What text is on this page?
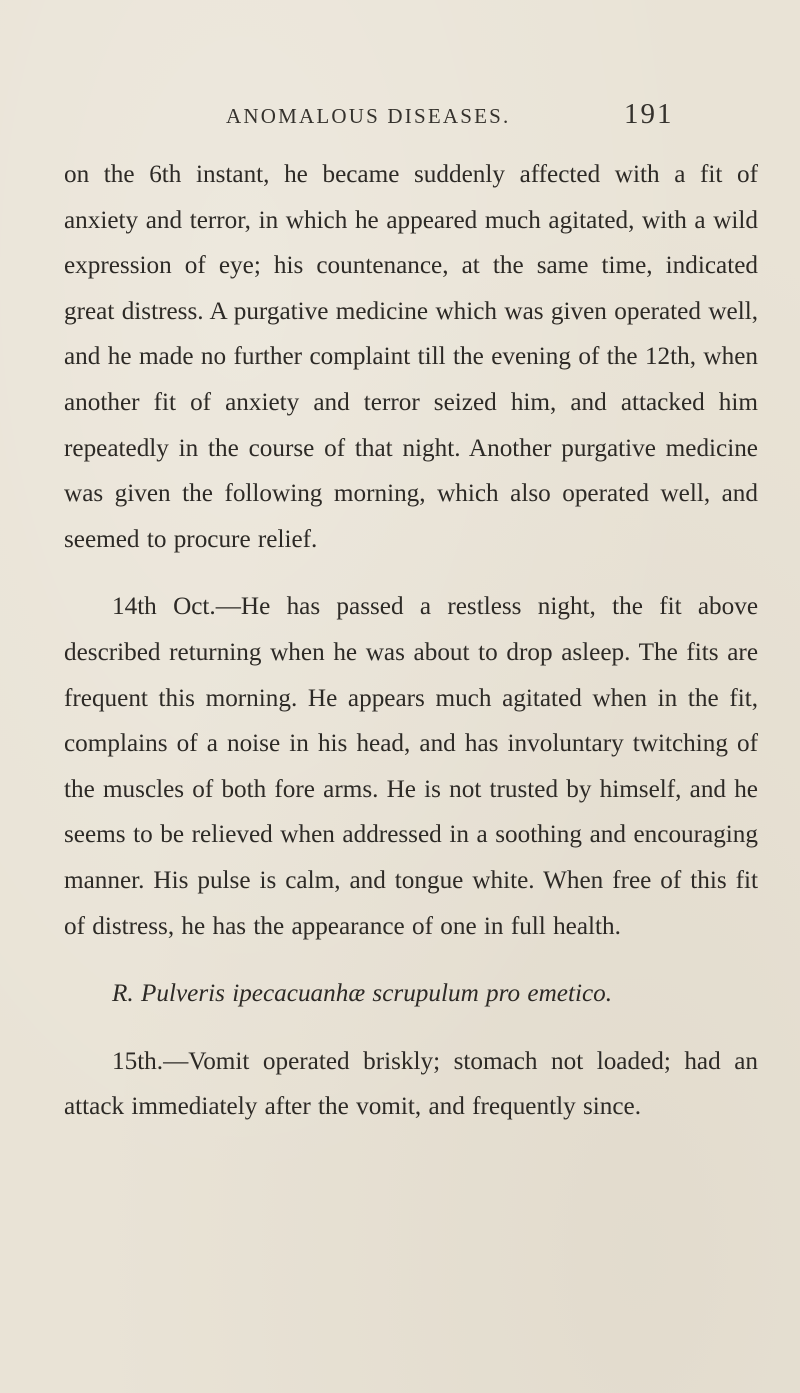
ANOMALOUS DISEASES.	191

on the 6th instant, he became suddenly affected with a fit of anxiety and terror, in which he appeared much agitated, with a wild expression of eye; his countenance, at the same time, indicated great distress. A purgative medicine which was given operated well, and he made no further complaint till the evening of the 12th, when another fit of anxiety and terror seized him, and attacked him repeatedly in the course of that night. Another purgative medicine was given the following morning, which also operated well, and seemed to procure relief.

14th Oct.—He has passed a restless night, the fit above described returning when he was about to drop asleep. The fits are frequent this morning. He appears much agitated when in the fit, complains of a noise in his head, and has involuntary twitching of the muscles of both fore arms. He is not trusted by himself, and he seems to be relieved when addressed in a soothing and encouraging manner. His pulse is calm, and tongue white. When free of this fit of distress, he has the appearance of one in full health.

R. Pulveris ipecacuanhæ scrupulum pro emetico.

15th.—Vomit operated briskly; stomach not loaded; had an attack immediately after the vomit, and frequently since.
